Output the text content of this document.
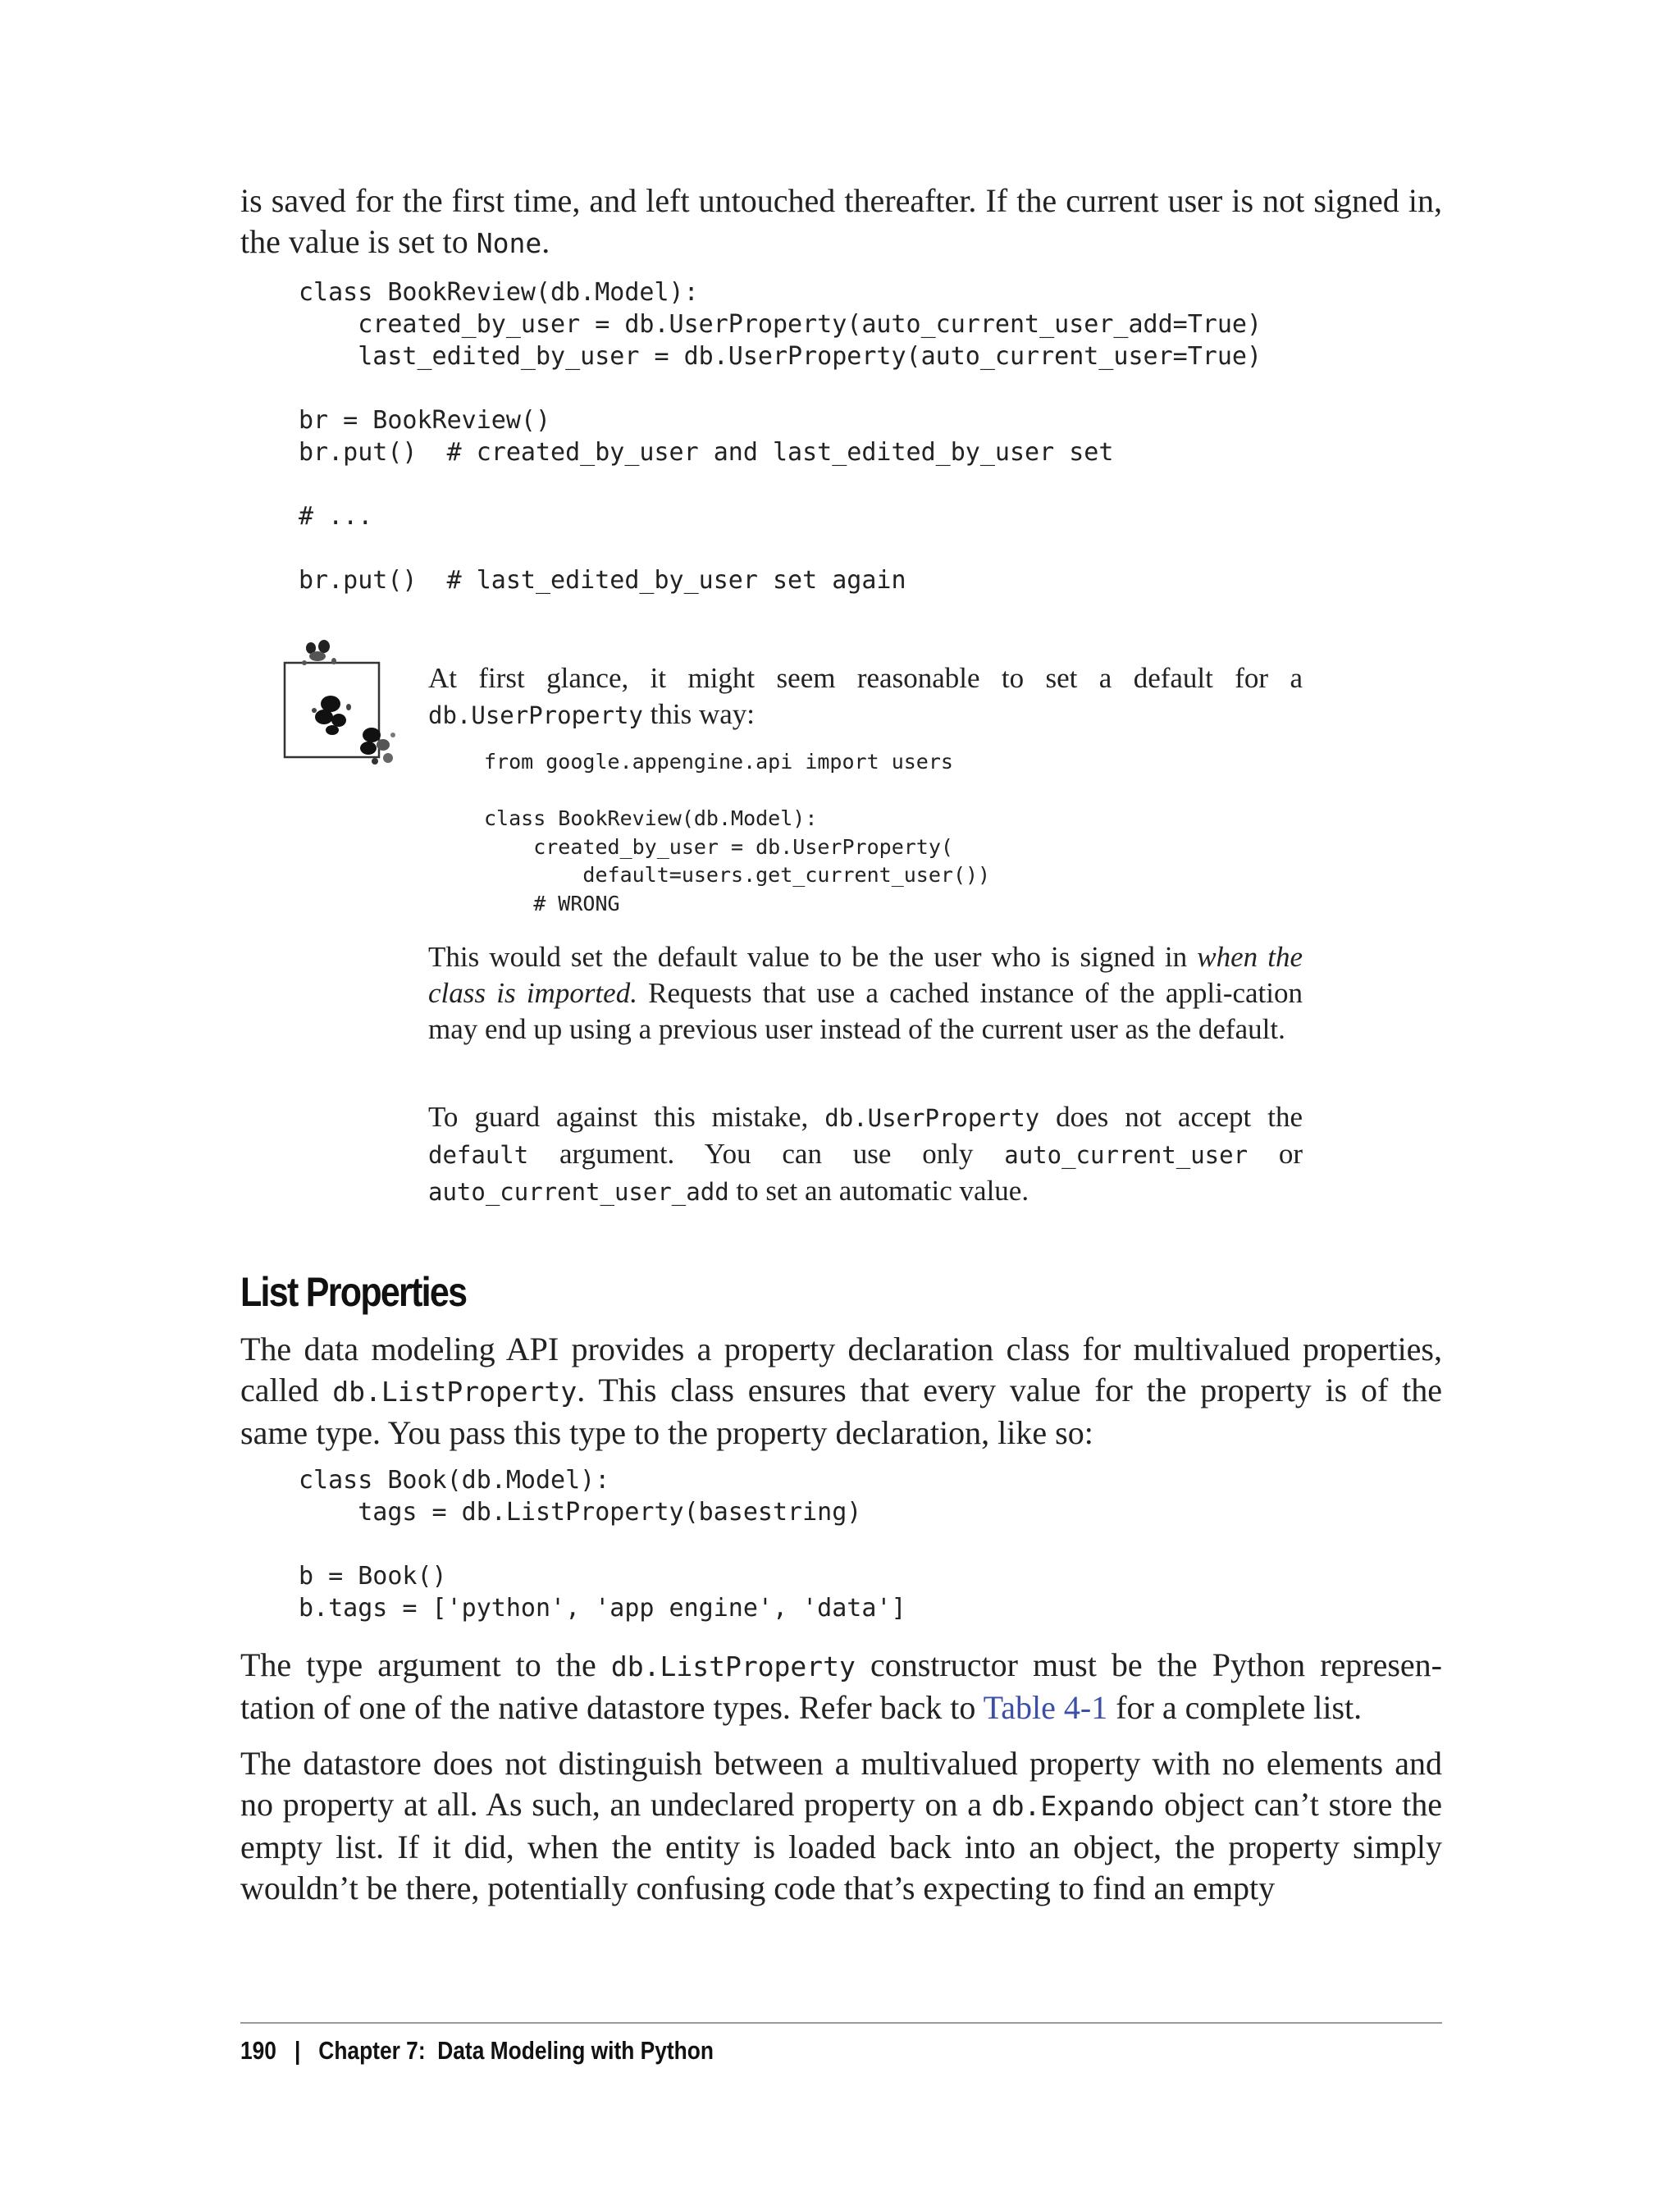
is saved for the first time, and left untouched thereafter. If the current user is not signed in, the value is set to None.

class BookReview(db.Model):
created_by_user = db.UserProperty(auto_current_user_add=True)
last_edited_by_user = db.UserProperty(auto_current_user=True)

br = BookReview()
br.put()  # created_by_user and last_edited_by_user set

# ...

br.put()  # last_edited_by_user set again

At first glance, it might seem reasonable to set a default for a db.UserProperty this way:

from google.appengine.api import users

class BookReview(db.Model):
created_by_user = db.UserProperty(
default=users.get_current_user())
# WRONG

This would set the default value to be the user who is signed in when the class is imported. Requests that use a cached instance of the appli-cation may end up using a previous user instead of the current user as the default.

To guard against this mistake, db.UserProperty does not accept the default argument. You can use only auto_current_user or auto_current_user_add to set an automatic value.

List Properties

The data modeling API provides a property declaration class for multivalued properties, called db.ListProperty. This class ensures that every value for the property is of the same type. You pass this type to the property declaration, like so:

class Book(db.Model):
tags = db.ListProperty(basestring)

b = Book()
b.tags = ['python', 'app engine', 'data']

The type argument to the db.ListProperty constructor must be the Python represen-tation of one of the native datastore types. Refer back to Table 4-1 for a complete list.

The datastore does not distinguish between a multivalued property with no elements and no property at all. As such, an undeclared property on a db.Expando object can’t store the empty list. If it did, when the entity is loaded back into an object, the property simply wouldn’t be there, potentially confusing code that’s expecting to find an empty

190 | Chapter 7:  Data Modeling with Python
